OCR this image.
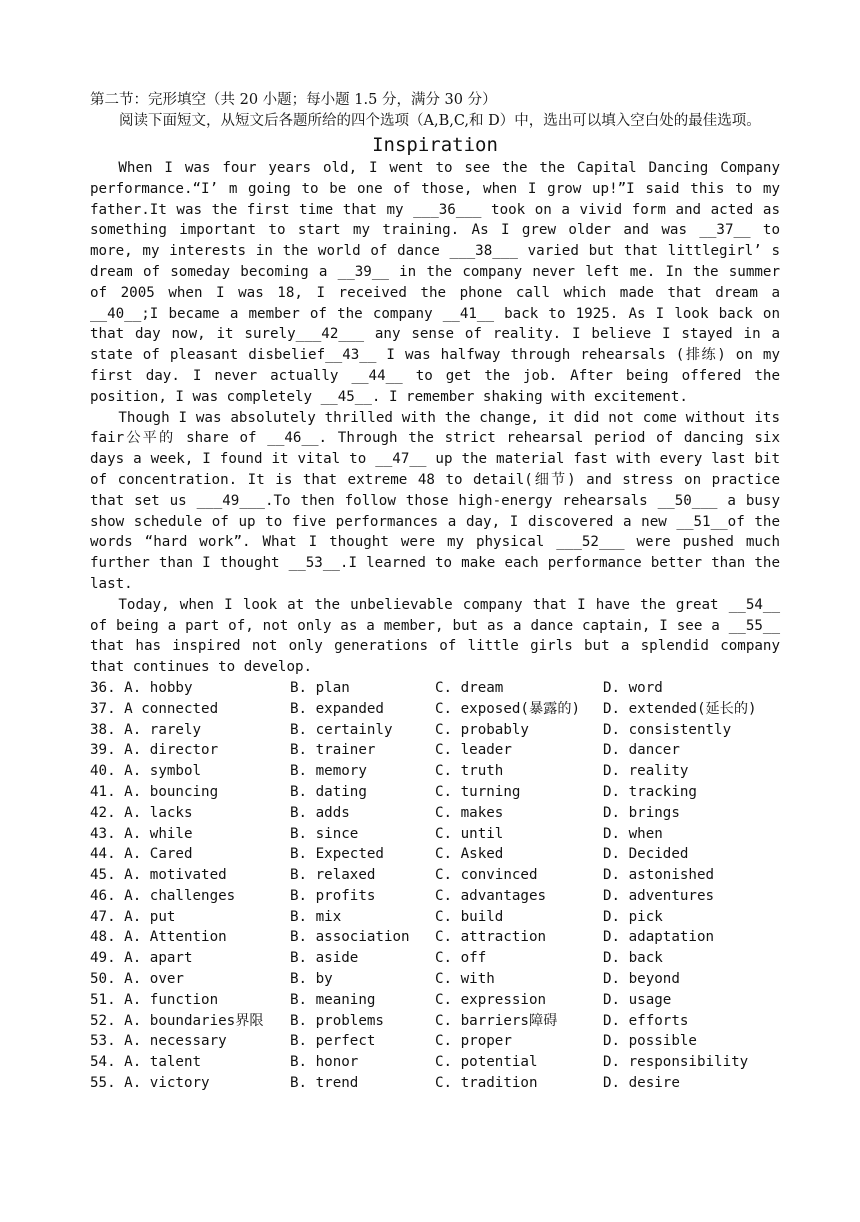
第二节：完形填空（共 20 小题；每小题 1.5 分，满分 30 分）

阅读下面短文，从短文后各题所给的四个选项（A,B,C,和 D）中，选出可以填入空白处的最佳选项。

Inspiration

When I was four years old, I went to see the the Capital Dancing Company performance.“I’ m going to be one of those, when I grow up!”I said this to my father.It was the first time that my ___36___ took on a vivid form and acted as something important to start my training. As I grew older and was __37__ to more, my interests in the world of dance ___38___ varied but that littlegirl’ s dream of someday becoming a __39__ in the company never left me. In the summer of 2005 when I was 18, I received the phone call which made that dream a __40__;I became a member of the company __41__ back to 1925. As I look back on that day now, it surely___42___ any sense of reality. I believe I stayed in a state of pleasant disbelief__43__ I was halfway through rehearsals (排练) on my first day. I never actually __44__ to get the job. After being offered the position, I was completely __45__. I remember shaking with excitement.

Though I was absolutely thrilled with the change, it did not come without its fair公平的 share of __46__. Through the strict rehearsal period of dancing six days a week, I found it vital to __47__ up the material fast with every last bit of concentration. It is that extreme 48 to detail(细节) and stress on practice that set us ___49___.To then follow those high-energy rehearsals __50___ a busy show schedule of up to five performances a day, I discovered a new __51__of the words “hard work”. What I thought were my physical ___52___ were pushed much further than I thought __53__.I learned to make each performance better than the last.

Today, when I look at the unbelievable company that I have the great __54__ of being a part of, not only as a member, but as a dance captain, I see a __55__ that has inspired not only generations of little girls but a splendid company that continues to develop.

36. A. hobby	B. plan	C. dream	D. word
37. A connected	B. expanded	C. exposed(暴露的)	D. extended(延长的)
38. A. rarely	B. certainly	C. probably	D. consistently
39. A. director	B. trainer	C. leader	D. dancer
40. A. symbol	B. memory	C. truth	D. reality
41. A. bouncing	B. dating	C. turning	D. tracking
42. A. lacks	B. adds	C. makes	D. brings
43. A. while	B. since	C. until	D. when
44. A. Cared	B. Expected	C. Asked	D. Decided
45. A. motivated	B. relaxed	C. convinced	D. astonished
46. A. challenges	B. profits	C. advantages	D. adventures
47. A. put	B. mix	C. build	D. pick
48. A. Attention	B. association	C. attraction	D. adaptation
49. A. apart	B. aside	C. off	D. back
50. A. over	B. by	C. with	D. beyond
51. A. function	B. meaning	C. expression	D. usage
52. A. boundaries界限	B. problems	C. barriers障碍	D. efforts
53. A. necessary	B. perfect	C. proper	D. possible
54. A. talent	B. honor	C. potential	D. responsibility
55. A. victory	B. trend	C. tradition	D. desire
